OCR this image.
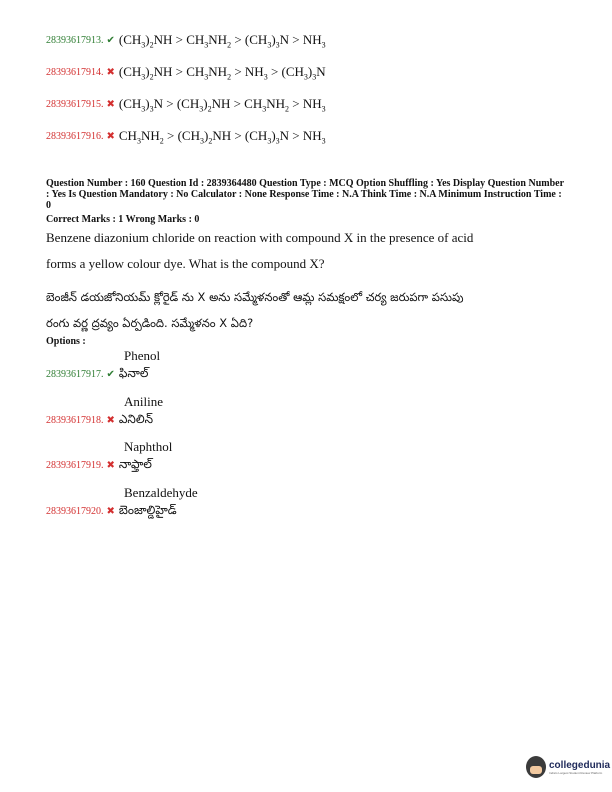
28393617913. ✔ $(CH_3)_2NH > CH_3NH_2 > (CH_3)_3N > NH_3$
28393617914. ✖ $(CH_3)_2NH > CH_3NH_2 > NH_3 > (CH_3)_3N$
28393617915. ✖ $(CH_3)_3N > (CH_3)_2NH > CH_3NH_2 > NH_3$
28393617916. ✖ $CH_3NH_2 > (CH_3)_2NH > (CH_3)_3N > NH_3$
Question Number : 160 Question Id : 2839364480 Question Type : MCQ Option Shuffling : Yes Display Question Number : Yes Is Question Mandatory : No Calculator : None Response Time : N.A Think Time : N.A Minimum Instruction Time : 0
Correct Marks : 1 Wrong Marks : 0
Benzene diazonium chloride on reaction with compound X in the presence of acid
forms a yellow colour dye. What is the compound X?
బెంజీన్ డయజోనియమ్ క్లోరైడ్ ను X అను సమ్మేళనంతో ఆమ్ల సమక్షంలో చర్య జరుపగా పసుపు
రంగు వర్ణ ద్రవ్యం ఏర్పడింది. సమ్మేళనం X ఏది?
Options :
Phenol
28393617917. ✔ ఫినాల్
Aniline
28393617918. ✖ ఎనిలిన్
Naphthol
28393617919. ✖ నాఫ్తాల్
Benzaldehyde
28393617920. ✖ బెంజాల్డిహైడ్
collegedunia
India's Largest Student Review Platform
